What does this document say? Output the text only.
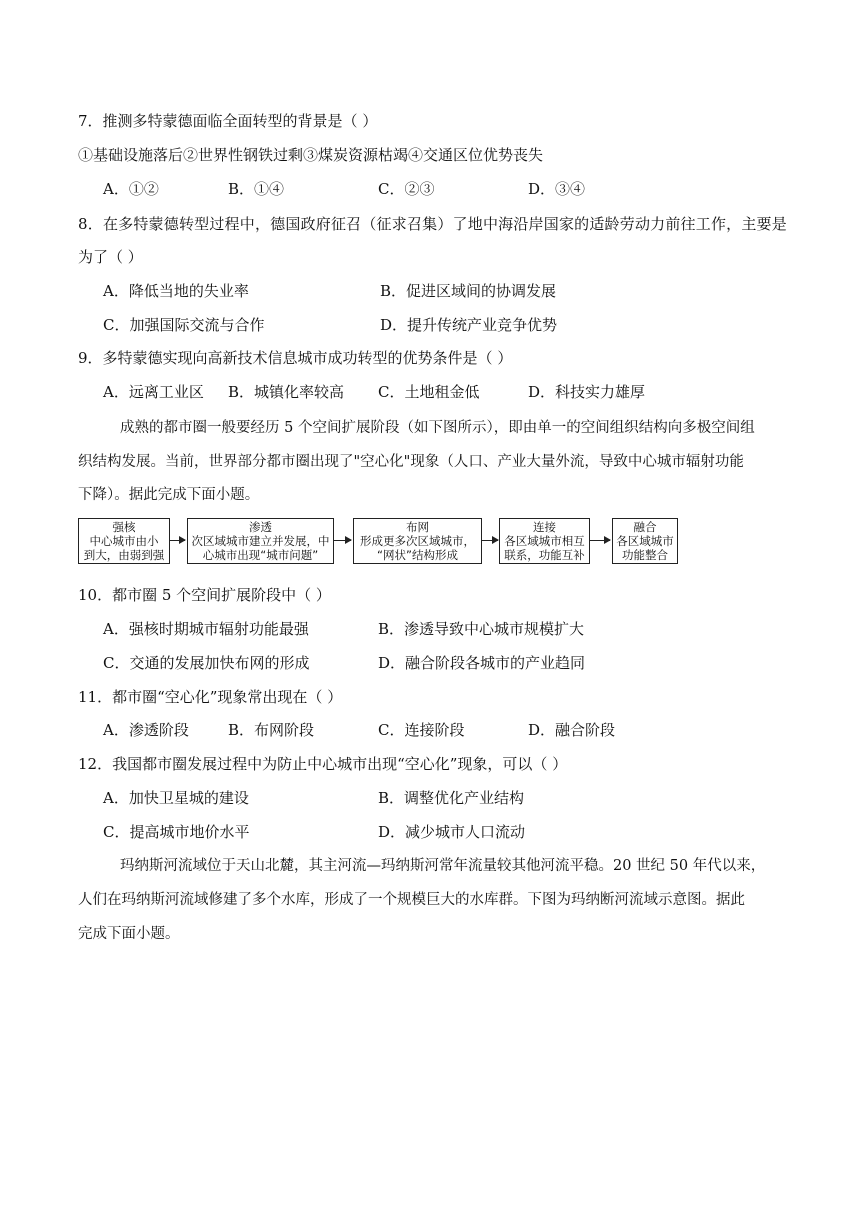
7．推测多特蒙德面临全面转型的背景是（ ）
①基础设施落后②世界性钢铁过剩③煤炭资源枯竭④交通区位优势丧失
A．①②	B．①④	C．②③	D．③④
8．在多特蒙德转型过程中，德国政府征召（征求召集）了地中海沿岸国家的适龄劳动力前往工作，主要是
为了（ ）
A．降低当地的失业率	B．促进区域间的协调发展
C．加强国际交流与合作	D．提升传统产业竞争优势
9．多特蒙德实现向高新技术信息城市成功转型的优势条件是（ ）
A．远离工业区 B．城镇化率较高 C．土地租金低	D．科技实力雄厚
成熟的都市圈一般要经历 5 个空间扩展阶段（如下图所示），即由单一的空间组织结构向多极空间组
织结构发展。当前，世界部分都市圈出现了"空心化"现象（人口、产业大量外流，导致中心城市辐射功能
下降）。据此完成下面小题。
强核
中心城市由小
到大，由弱到强
渗透
次区域城市建立并发展，中
心城市出现“城市问题”
布网
形成更多次区域城市，
“网状”结构形成
连接
各区域城市相互
联系，功能互补
融合
各区域城市
功能整合
10．都市圈 5 个空间扩展阶段中（ ）
A．强核时期城市辐射功能最强	B．渗透导致中心城市规模扩大
C．交通的发展加快布网的形成	D．融合阶段各城市的产业趋同
11．都市圈“空心化”现象常出现在（ ）
A．渗透阶段	B．布网阶段	C．连接阶段	D．融合阶段
12．我国都市圈发展过程中为防止中心城市出现“空心化”现象，可以（ ）
A．加快卫星城的建设	B．调整优化产业结构
C．提高城市地价水平	D．减少城市人口流动
玛纳斯河流域位于天山北麓，其主河流—玛纳斯河常年流量较其他河流平稳。20 世纪 50 年代以来，
人们在玛纳斯河流域修建了多个水库，形成了一个规模巨大的水库群。下图为玛纳断河流域示意图。据此
完成下面小题。
